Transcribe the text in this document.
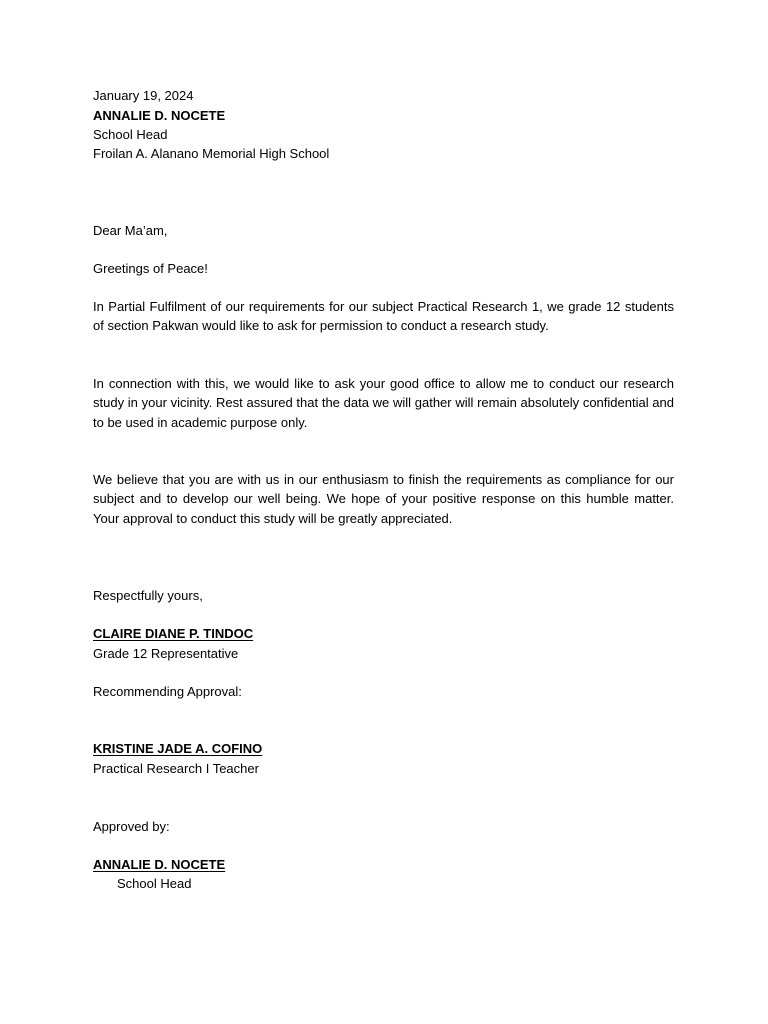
January 19, 2024
ANNALIE D. NOCETE
School Head
Froilan A. Alanano Memorial High School
Dear Ma’am,
Greetings of Peace!
In Partial Fulfilment of our requirements for our subject Practical Research 1, we grade 12 students of section Pakwan would like to ask for permission to conduct a research study.
In connection with this, we would like to ask your good office to allow me to conduct our research study in your vicinity. Rest assured that the data we will gather will remain absolutely confidential and to be used in academic purpose only.
We believe that you are with us in our enthusiasm to finish the requirements as compliance for our subject and to develop our well being. We hope of your positive response on this humble matter. Your approval to conduct this study will be greatly appreciated.
Respectfully yours,
CLAIRE DIANE P. TINDOC
Grade 12 Representative
Recommending Approval:
KRISTINE JADE A. COFINO
Practical Research I Teacher
Approved by:
ANNALIE D. NOCETE
School Head
